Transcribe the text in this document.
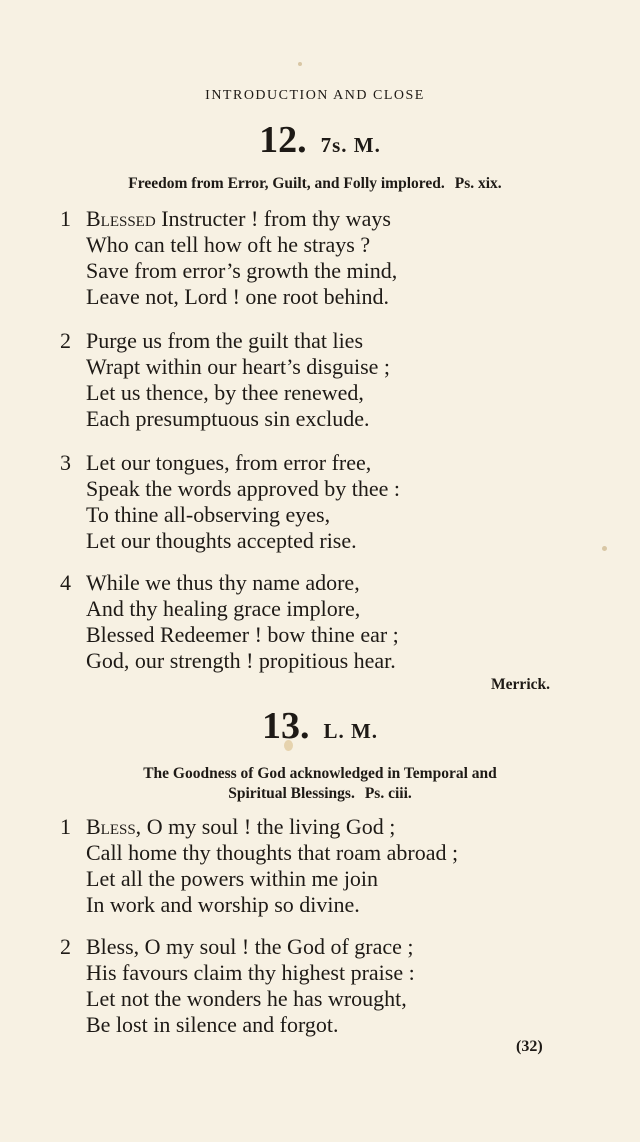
INTRODUCTION AND CLOSE
12. 7s. M.
Freedom from Error, Guilt, and Folly implored. Ps. xix.
1 Blessed Instructer ! from thy ways
Who can tell how oft he strays ?
Save from error’s growth the mind,
Leave not, Lord ! one root behind.
2 Purge us from the guilt that lies
Wrapt within our heart’s disguise ;
Let us thence, by thee renewed,
Each presumptuous sin exclude.
3 Let our tongues, from error free,
Speak the words approved by thee :
To thine all-observing eyes,
Let our thoughts accepted rise.
4 While we thus thy name adore,
And thy healing grace implore,
Blessed Redeemer ! bow thine ear ;
God, our strength ! propitious hear.
Merrick.
13. L. M.
The Goodness of God acknowledged in Temporal and
Spiritual Blessings. Ps. ciii.
1 Bless, O my soul ! the living God ;
Call home thy thoughts that roam abroad ;
Let all the powers within me join
In work and worship so divine.
2 Bless, O my soul ! the God of grace ;
His favours claim thy highest praise :
Let not the wonders he has wrought,
Be lost in silence and forgot.
(32)
